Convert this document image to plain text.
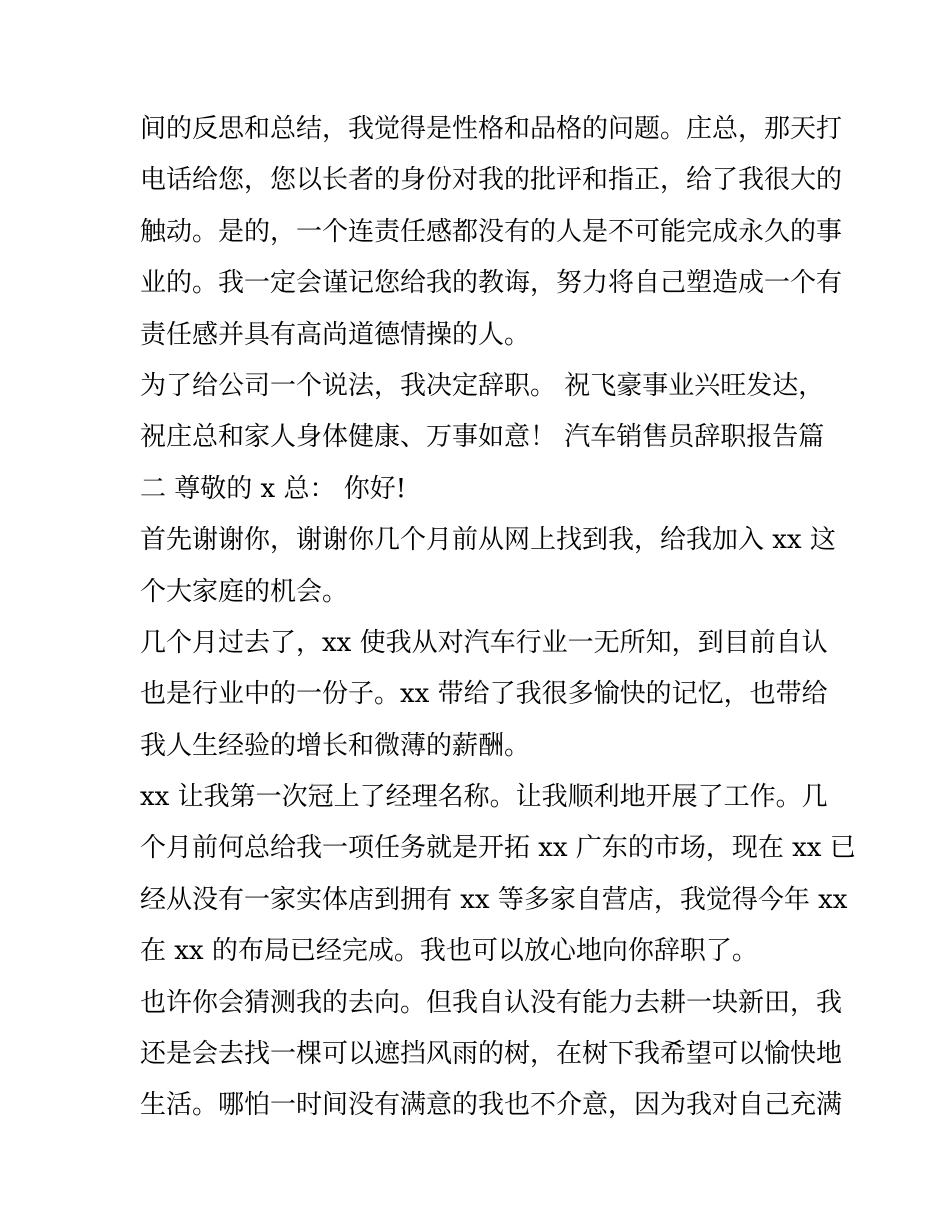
间的反思和总结，我觉得是性格和品格的问题。庄总，那天打
电话给您，您以长者的身份对我的批评和指正，给了我很大的
触动。是的，一个连责任感都没有的人是不可能完成永久的事
业的。我一定会谨记您给我的教诲，努力将自己塑造成一个有
责任感并具有高尚道德情操的人。
为了给公司一个说法，我决定辞职。 祝飞豪事业兴旺发达，
祝庄总和家人身体健康、万事如意！ 汽车销售员辞职报告篇
二 尊敬的 x 总： 你好!
首先谢谢你，谢谢你几个月前从网上找到我，给我加入 xx 这
个大家庭的机会。
几个月过去了，xx 使我从对汽车行业一无所知，到目前自认
也是行业中的一份子。xx 带给了我很多愉快的记忆，也带给
我人生经验的增长和微薄的薪酬。
xx 让我第一次冠上了经理名称。让我顺利地开展了工作。几
个月前何总给我一项任务就是开拓 xx 广东的市场，现在 xx 已
经从没有一家实体店到拥有 xx 等多家自营店，我觉得今年 xx
在 xx 的布局已经完成。我也可以放心地向你辞职了。
也许你会猜测我的去向。但我自认没有能力去耕一块新田，我
还是会去找一棵可以遮挡风雨的树，在树下我希望可以愉快地
生活。哪怕一时间没有满意的我也不介意，因为我对自己充满
